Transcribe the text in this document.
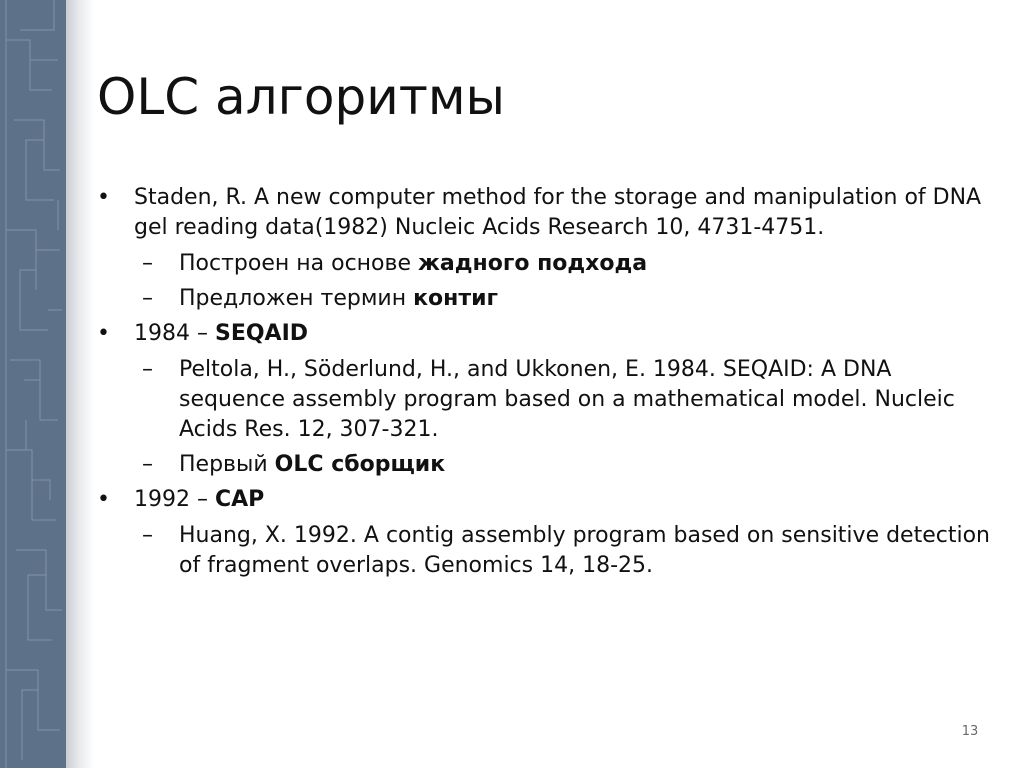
OLC алгоритмы
•	Staden, R. A new computer method for the storage and manipulation of DNA gel reading data(1982) Nucleic Acids Research 10, 4731-4751.
–	Построен на основе жадного подхода
–	Предложен термин контиг
•	1984 – SEQAID
–	Peltola, H., Söderlund, H., and Ukkonen, E. 1984. SEQAID: A DNA sequence assembly program based on a mathematical model. Nucleic Acids Res. 12, 307-321.
–	Первый OLC сборщик
•	1992 – CAP
–	Huang, X. 1992. A contig assembly program based on sensitive detection of fragment overlaps. Genomics 14, 18-25.
13
